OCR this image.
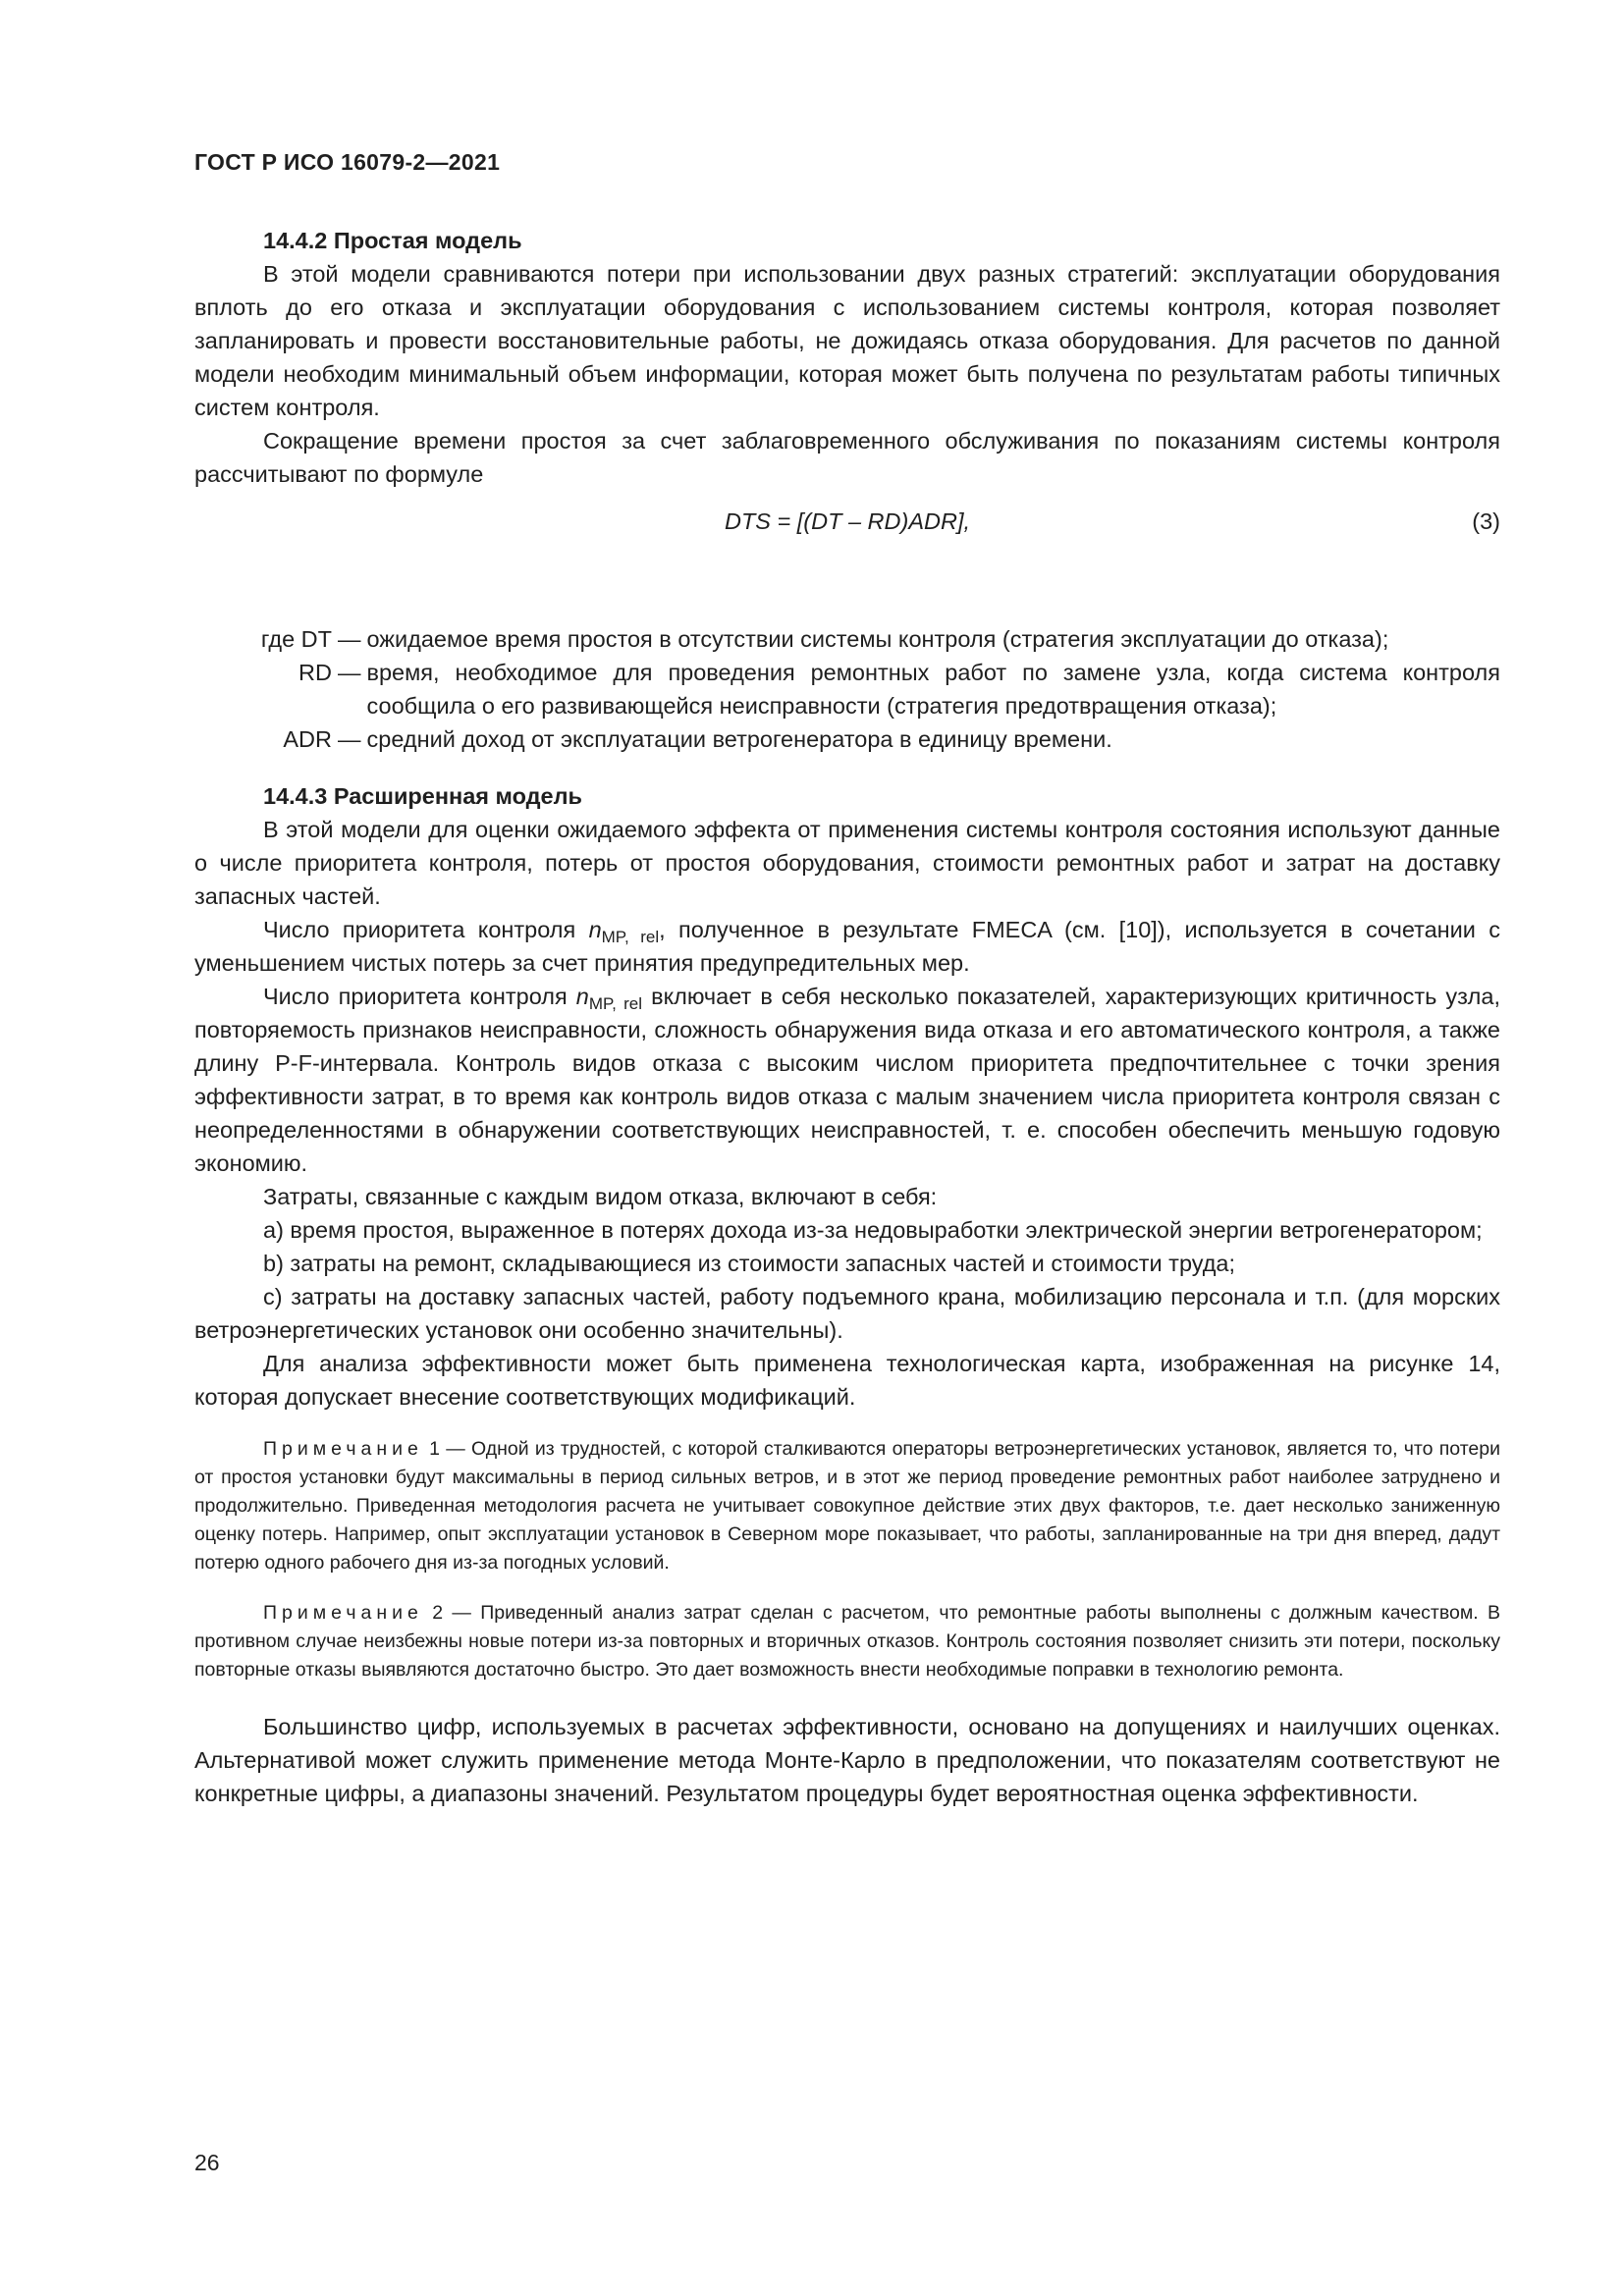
ГОСТ Р ИСО 16079-2—2021
14.4.2 Простая модель

В этой модели сравниваются потери при использовании двух разных стратегий: эксплуатации оборудования вплоть до его отказа и эксплуатации оборудования с использованием системы контроля, которая позволяет запланировать и провести восстановительные работы, не дожидаясь отказа оборудования. Для расчетов по данной модели необходим минимальный объем информации, которая может быть получена по результатам работы типичных систем контроля.

Сокращение времени простоя за счет заблаговременного обслуживания по показаниям системы контроля рассчитывают по формуле

DTS = [(DT – RD)ADR],	(3)
где DT — ожидаемое время простоя в отсутствии системы контроля (стратегия эксплуатации до отказа);
RD — время, необходимое для проведения ремонтных работ по замене узла, когда система контроля сообщила о его развивающейся неисправности (стратегия предотвращения отказа);
ADR — средний доход от эксплуатации ветрогенератора в единицу времени.
14.4.3 Расширенная модель

В этой модели для оценки ожидаемого эффекта от применения системы контроля состояния используют данные о числе приоритета контроля, потерь от простоя оборудования, стоимости ремонтных работ и затрат на доставку запасных частей.

Число приоритета контроля $n_{MP, rel}$, полученное в результате FMECA (см. [10]), используется в сочетании с уменьшением чистых потерь за счет принятия предупредительных мер.

Число приоритета контроля $n_{MP, rel}$ включает в себя несколько показателей, характеризующих критичность узла, повторяемость признаков неисправности, сложность обнаружения вида отказа и его автоматического контроля, а также длину P-F-интервала. Контроль видов отказа с высоким числом приоритета предпочтительнее с точки зрения эффективности затрат, в то время как контроль видов отказа с малым значением числа приоритета контроля связан с неопределенностями в обнаружении соответствующих неисправностей, т. е. способен обеспечить меньшую годовую экономию.

Затраты, связанные с каждым видом отказа, включают в себя:

a) время простоя, выраженное в потерях дохода из-за недовыработки электрической энергии ветрогенератором;

b) затраты на ремонт, складывающиеся из стоимости запасных частей и стоимости труда;

c) затраты на доставку запасных частей, работу подъемного крана, мобилизацию персонала и т.п. (для морских ветроэнергетических установок они особенно значительны).

Для анализа эффективности может быть применена технологическая карта, изображенная на рисунке 14, которая допускает внесение соответствующих модификаций.

Примечание 1 — Одной из трудностей, с которой сталкиваются операторы ветроэнергетических установок, является то, что потери от простоя установки будут максимальны в период сильных ветров, и в этот же период проведение ремонтных работ наиболее затруднено и продолжительно. Приведенная методология расчета не учитывает совокупное действие этих двух факторов, т.е. дает несколько заниженную оценку потерь. Например, опыт эксплуатации установок в Северном море показывает, что работы, запланированные на три дня вперед, дадут потерю одного рабочего дня из-за погодных условий.

Примечание 2 — Приведенный анализ затрат сделан с расчетом, что ремонтные работы выполнены с должным качеством. В противном случае неизбежны новые потери из-за повторных и вторичных отказов. Контроль состояния позволяет снизить эти потери, поскольку повторные отказы выявляются достаточно быстро. Это дает возможность внести необходимые поправки в технологию ремонта.

Большинство цифр, используемых в расчетах эффективности, основано на допущениях и наилучших оценках. Альтернативой может служить применение метода Монте-Карло в предположении, что показателям соответствуют не конкретные цифры, а диапазоны значений. Результатом процедуры будет вероятностная оценка эффективности.

26
